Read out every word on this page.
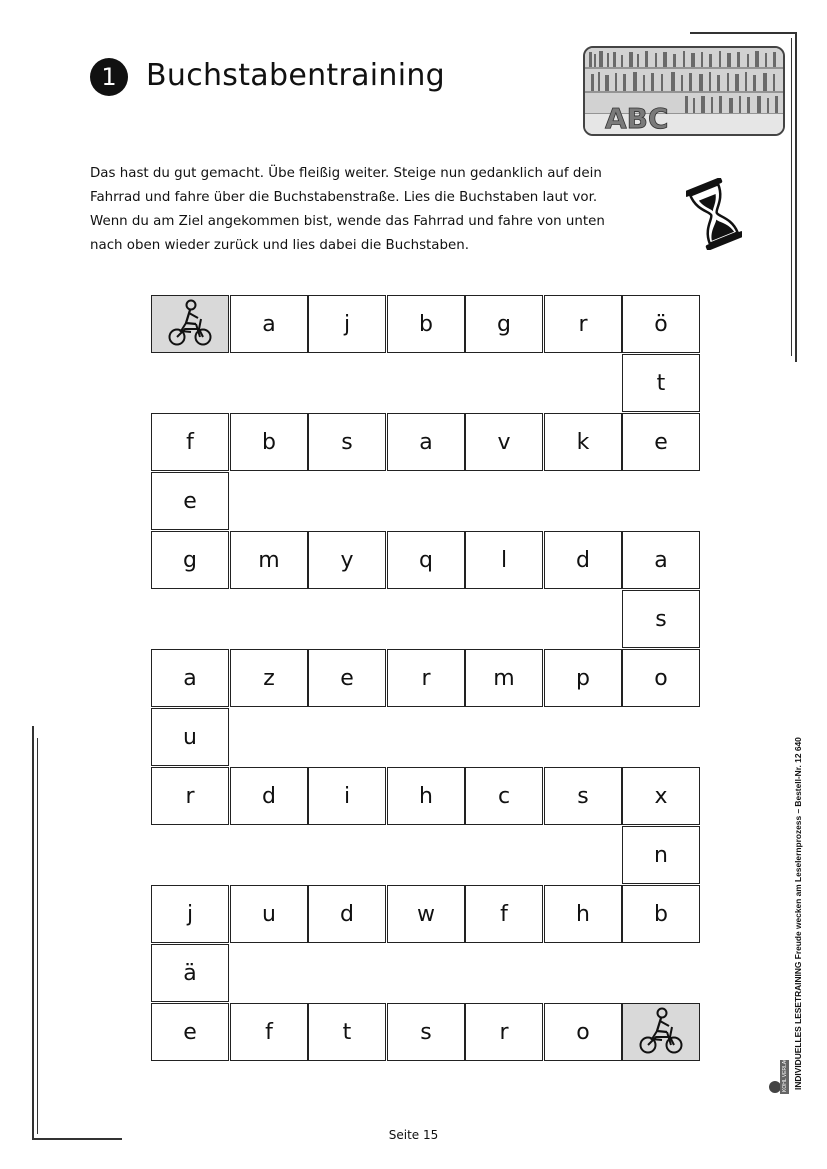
1 Buchstabentraining
ABC
Das hast du gut gemacht. Übe fleißig weiter. Steige nun gedanklich auf dein
Fahrrad und fahre über die Buchstabenstraße. Lies die Buchstaben laut vor.
Wenn du am Ziel angekommen bist, wende das Fahrrad und fahre von unten
nach oben wieder zurück und lies dabei die Buchstaben.
a	j	b	g	r	ö
t
f	b	s	a	v	k	e
e
g	m	y	q	l	d	a
s
a	z	e	r	m	p	o
u
r	d	i	h	c	s	x
n
j	u	d	w	f	h	b
ä
e	f	t	s	r	o
Seite 15
KOHL VERLAG INDIVIDUELLES LESETRAINING Freude wecken am Leselernprozess – Bestell-Nr. 12 640
